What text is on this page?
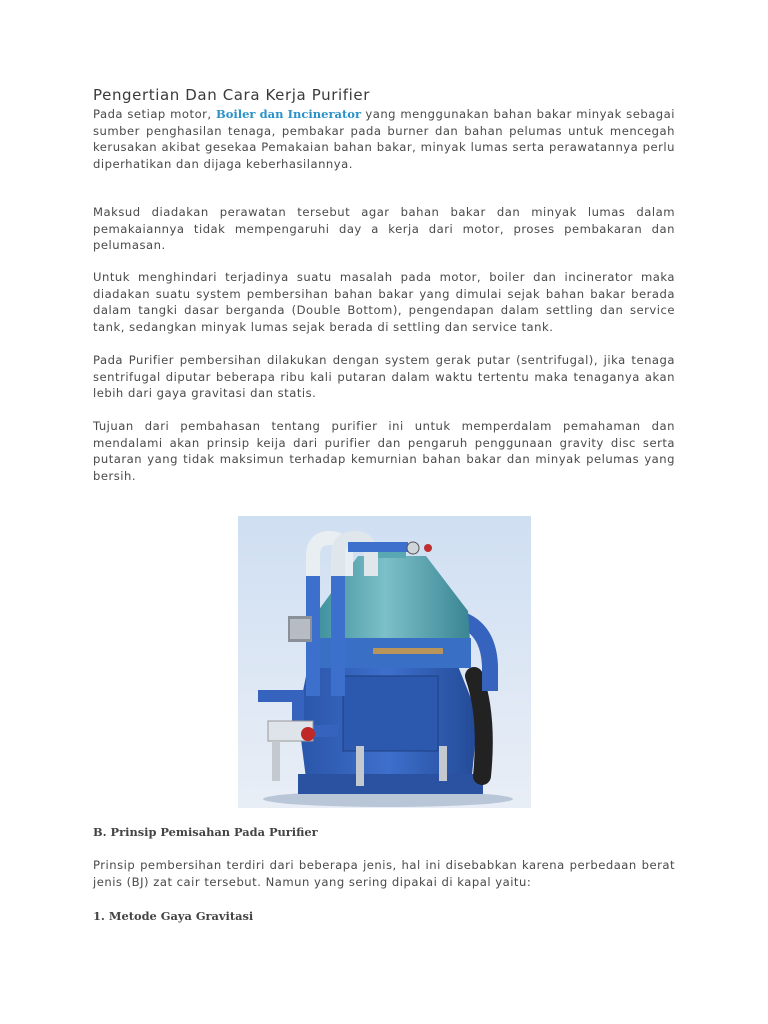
Pengertian Dan Cara Kerja Purifier

Pada setiap motor, Boiler dan Incinerator yang menggunakan bahan bakar minyak sebagai sumber penghasilan tenaga, pembakar pada burner dan bahan pelumas untuk mencegah kerusakan akibat gesekaa Pemakaian bahan bakar, minyak lumas serta perawatannya perlu diperhatikan dan dijaga keberhasilannya.

Maksud diadakan perawatan tersebut agar bahan bakar dan minyak lumas dalam pemakaiannya tidak mempengaruhi day a kerja dari motor, proses pembakaran dan pelumasan.

Untuk menghindari terjadinya suatu masalah pada motor, boiler dan incinerator maka diadakan suatu system pembersihan bahan bakar yang dimulai sejak bahan bakar berada dalam tangki dasar berganda (Double Bottom), pengendapan dalam settling dan service tank, sedangkan minyak lumas sejak berada di settling dan service tank.

Pada Purifier pembersihan dilakukan dengan system gerak putar (sentrifugal), jika tenaga sentrifugal diputar beberapa ribu kali putaran dalam waktu tertentu maka tenaganya akan lebih dari gaya gravitasi dan statis.

Tujuan dari pembahasan tentang purifier ini untuk memperdalam pemahaman dan mendalami akan prinsip keija dari purifier dan pengaruh penggunaan gravity disc serta putaran yang tidak maksimun terhadap kemurnian bahan bakar dan minyak pelumas yang bersih.

B. Prinsip Pemisahan Pada Purifier

Prinsip pembersihan terdiri dari beberapa jenis, hal ini disebabkan karena perbedaan berat jenis (BJ) zat cair tersebut. Namun yang sering dipakai di kapal yaitu:

1. Metode Gaya Gravitasi
